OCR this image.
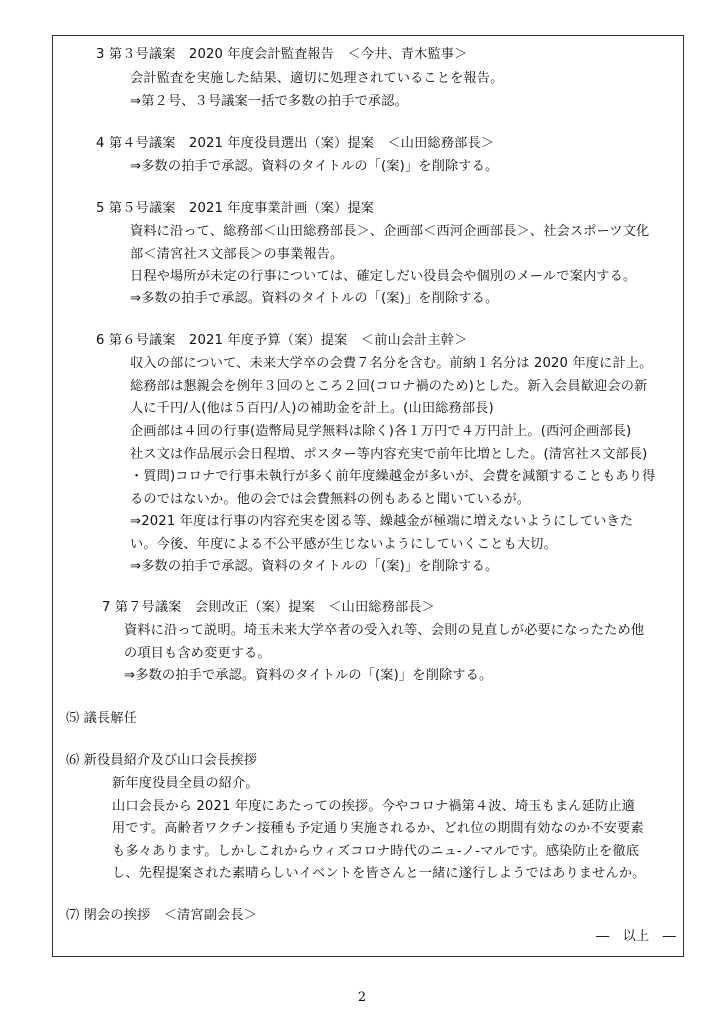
3 第３号議案　2020 年度会計監査報告　＜今井、青木監事＞
会計監査を実施した結果、適切に処理されていることを報告。
⇒第２号、３号議案一括で多数の拍手で承認。
4 第４号議案　2021 年度役員選出（案）提案　＜山田総務部長＞
⇒多数の拍手で承認。資料のタイトルの「(案)」を削除する。
5 第５号議案　2021 年度事業計画（案）提案
資料に沿って、総務部＜山田総務部長＞、企画部＜西河企画部長＞、社会スポーツ文化
部＜清宮社ス文部長＞の事業報告。
日程や場所が未定の行事については、確定しだい役員会や個別のメールで案内する。
⇒多数の拍手で承認。資料のタイトルの「(案)」を削除する。
6 第６号議案　2021 年度予算（案）提案　＜前山会計主幹＞
収入の部について、未来大学卒の会費７名分を含む。前納１名分は 2020 年度に計上。
総務部は懇親会を例年３回のところ２回(コロナ禍のため)とした。新入会員歓迎会の新
人に千円/人(他は５百円/人)の補助金を計上。(山田総務部長)
企画部は４回の行事(造幣局見学無料は除く)各１万円で４万円計上。(西河企画部長)
社ス文は作品展示会日程増、ポスター等内容充実で前年比増とした。(清宮社ス文部長)
・質問)コロナで行事未執行が多く前年度繰越金が多いが、会費を減額することもあり得
るのではないか。他の会では会費無料の例もあると聞いているが。
⇒2021 年度は行事の内容充実を図る等、繰越金が極端に増えないようにしていきた
い。今後、年度による不公平感が生じないようにしていくことも大切。
⇒多数の拍手で承認。資料のタイトルの「(案)」を削除する。
7 第７号議案　会則改正（案）提案　＜山田総務部長＞
資料に沿って説明。埼玉未来大学卒者の受入れ等、会則の見直しが必要になったため他
の項目も含め変更する。
⇒多数の拍手で承認。資料のタイトルの「(案)」を削除する。
⑸ 議長解任
⑹ 新役員紹介及び山口会長挨拶
新年度役員全員の紹介。
山口会長から 2021 年度にあたっての挨拶。今やコロナ禍第４波、埼玉もまん延防止適
用です。高齢者ワクチン接種も予定通り実施されるか、どれ位の期間有効なのか不安要素
も多々あります。しかしこれからウィズコロナ時代のニュ-ノ-マルです。感染防止を徹底
し、先程提案された素晴らしいイベントを皆さんと一緒に遂行しようではありませんか。
⑺ 閉会の挨拶　＜清宮副会長＞
―　以上　―
2
